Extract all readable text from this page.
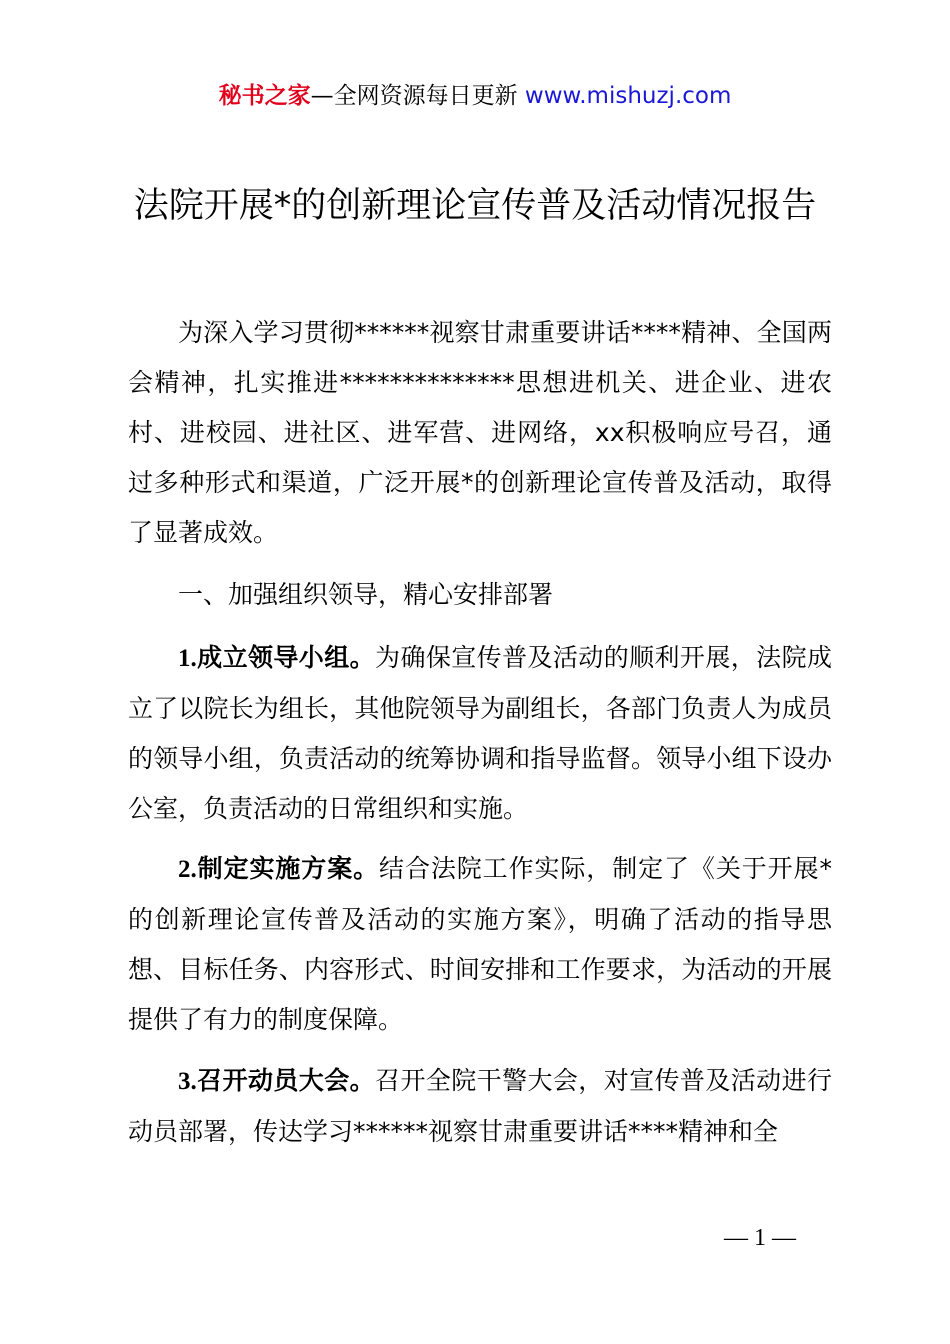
秘书之家—全网资源每日更新 www.mishuzj.com
法院开展*的创新理论宣传普及活动情况报告

为深入学习贯彻******视察甘肃重要讲话****精神、全国两会精神，扎实推进**************思想进机关、进企业、进农村、进校园、进社区、进军营、进网络，xx积极响应号召，通过多种形式和渠道，广泛开展*的创新理论宣传普及活动，取得了显著成效。

一、加强组织领导，精心安排部署

1.成立领导小组。为确保宣传普及活动的顺利开展，法院成立了以院长为组长，其他院领导为副组长，各部门负责人为成员的领导小组，负责活动的统筹协调和指导监督。领导小组下设办公室，负责活动的日常组织和实施。

2.制定实施方案。结合法院工作实际，制定了《关于开展*的创新理论宣传普及活动的实施方案》，明确了活动的指导思想、目标任务、内容形式、时间安排和工作要求，为活动的开展提供了有力的制度保障。

3.召开动员大会。召开全院干警大会，对宣传普及活动进行动员部署，传达学习******视察甘肃重要讲话****精神和全

— 1 —
